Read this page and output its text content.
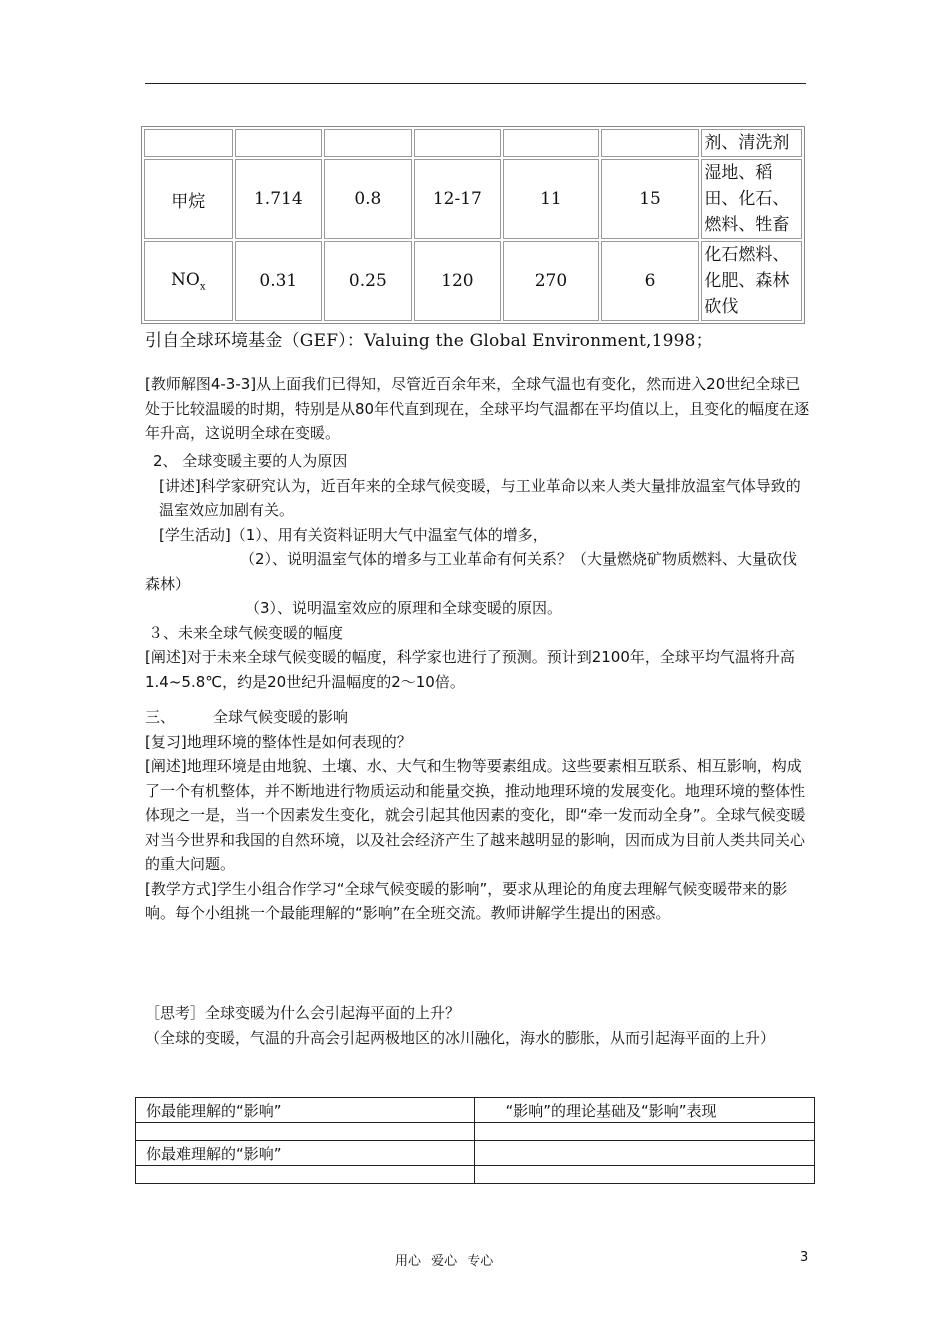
						剂、清洗剂
甲烷	1.714	0.8	12-17	11	15	湿地、稻
田、化石、
燃料、牲畜
$NO_x$	0.31	0.25	120	270	6	化石燃料、
化肥、森林
砍伐
引自全球环境基金（GEF）：Valuing the Global Environment,1998；

[教师解图4-3-3]从上面我们已得知，尽管近百余年来，全球气温也有变化，然而进入20世纪全球已处于比较温暖的时期，特别是从80年代直到现在，全球平均气温都在平均值以上，且变化的幅度在逐年升高，这说明全球在变暖。

2、 全球变暖主要的人为原因

[讲述]科学家研究认为，近百年来的全球气候变暖，与工业革命以来人类大量排放温室气体导致的温室效应加剧有关。

[学生活动]（1）、用有关资料证明大气中温室气体的增多，

（2）、说明温室气体的增多与工业革命有何关系？（大量燃烧矿物质燃料、大量砍伐森林）

（3）、说明温室效应的原理和全球变暖的原因。

３、未来全球气候变暖的幅度

[阐述]对于未来全球气候变暖的幅度，科学家也进行了预测。预计到2100年，全球平均气温将升高1.4~5.8℃，约是20世纪升温幅度的2～10倍。

三、	全球气候变暖的影响

[复习]地理环境的整体性是如何表现的？

[阐述]地理环境是由地貌、土壤、水、大气和生物等要素组成。这些要素相互联系、相互影响，构成了一个有机整体，并不断地进行物质运动和能量交换，推动地理环境的发展变化。地理环境的整体性体现之一是，当一个因素发生变化，就会引起其他因素的变化，即“牵一发而动全身”。全球气候变暖对当今世界和我国的自然环境，以及社会经济产生了越来越明显的影响，因而成为目前人类共同关心的重大问题。

[教学方式]学生小组合作学习“全球气候变暖的影响”，要求从理论的角度去理解气候变暖带来的影响。每个小组挑一个最能理解的“影响”在全班交流。教师讲解学生提出的困惑。

［思考］全球变暖为什么会引起海平面的上升？

（全球的变暖，气温的升高会引起两极地区的冰川融化，海水的膨胀，从而引起海平面的上升）

你最能理解的“影响”	“影响”的理论基础及“影响”表现

你最难理解的“影响”	

用心 爱心 专心	3
